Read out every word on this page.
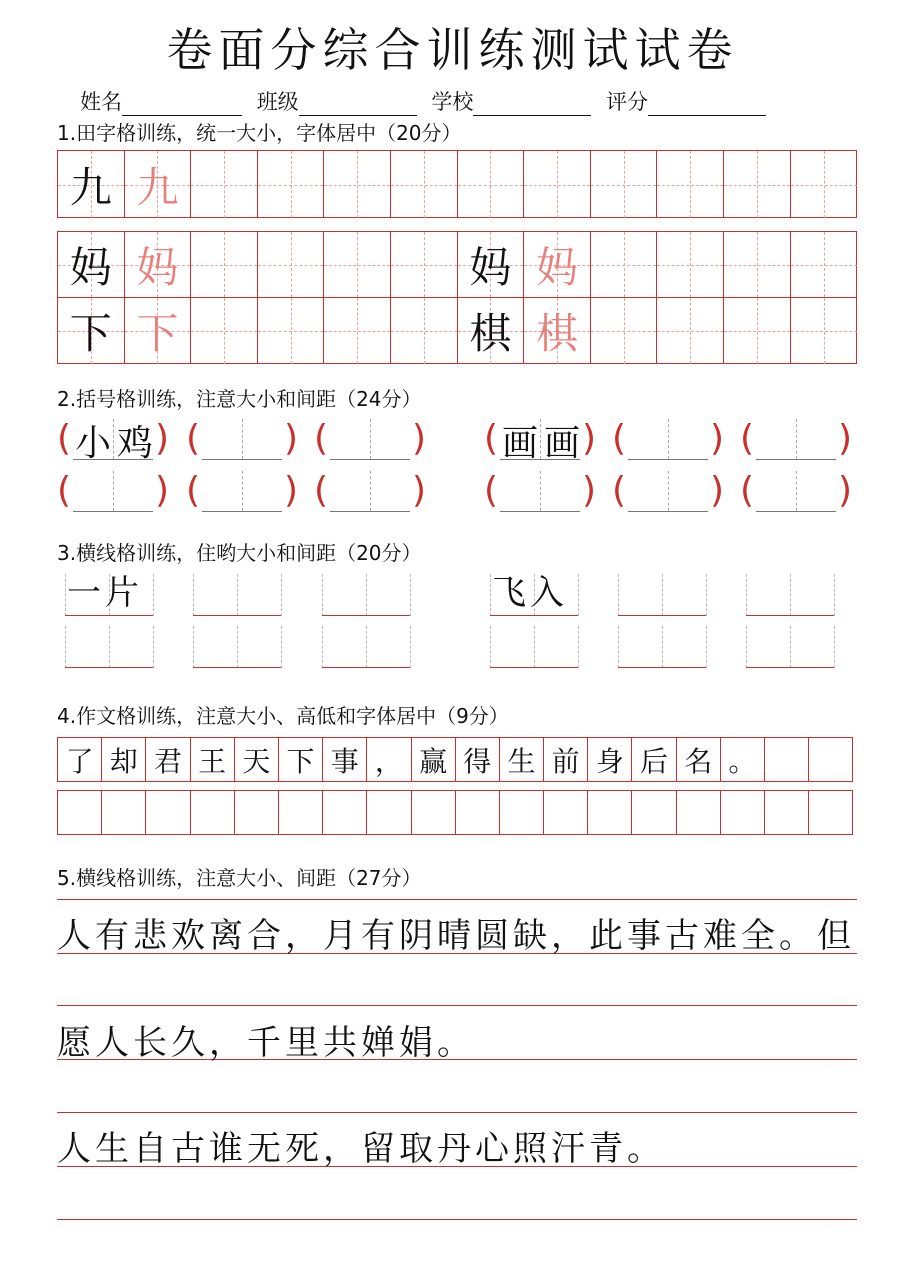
卷面分综合训练测试试卷
姓名	班级	学校	评分
1.田字格训练，统一大小，字体居中（20分）
九 九
妈 妈	妈 妈
下 下	棋 棋
2.括号格训练，注意大小和间距（24分）
( )
小鸡 ( ) ( ) ( )
画画 ( ) ( )
( ) ( ) ( ) ( ) ( ) ( )
3.横线格训练，住哟大小和间距（20分）
一片	飞入
4.作文格训练，注意大小、高低和字体居中（9分）
了 却 君 王 天 下 事 ， 赢 得 生 前 身 后 名 。
5.横线格训练，注意大小、间距（27分）
人有悲欢离合，月有阴晴圆缺，此事古难全。但
愿人长久，千里共婵娟。
人生自古谁无死，留取丹心照汗青。
